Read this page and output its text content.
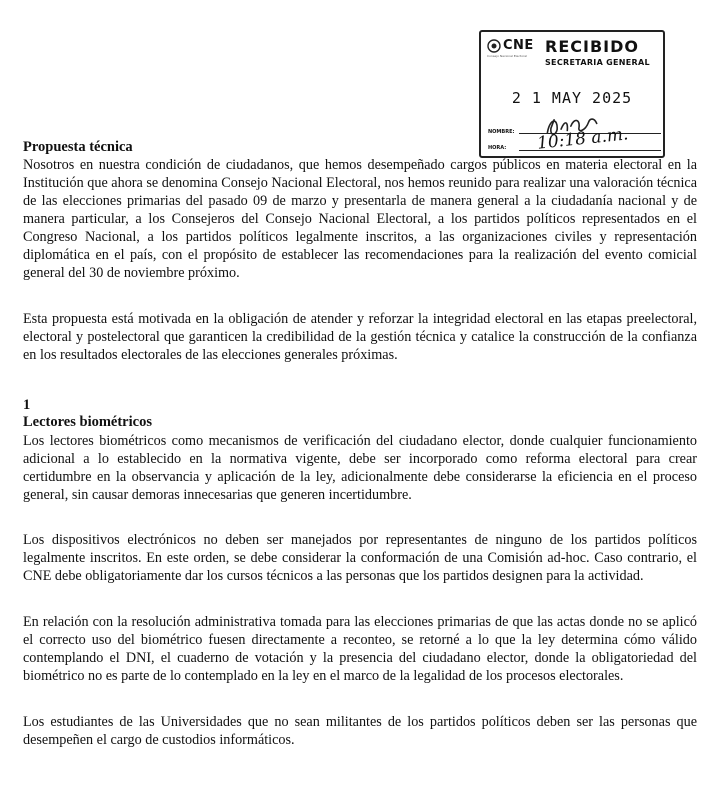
CNE
Consejo Nacional Electoral RECIBIDO
SECRETARIA GENERAL
2 1 MAY 2025
NOMBRE:
HORA: 10:18 a.m.
Propuesta técnica

Nosotros en nuestra condición de ciudadanos, que hemos desempeñado cargos públicos en materia electoral en la Institución que ahora se denomina Consejo Nacional Electoral, nos hemos reunido para realizar una valoración técnica de las elecciones primarias del pasado 09 de marzo y presentarla de manera general a la ciudadanía nacional y de manera particular, a los Consejeros del Consejo Nacional Electoral, a los partidos políticos representados en el Congreso Nacional, a los partidos políticos legalmente inscritos, a las organizaciones civiles y representación diplomática en el país, con el propósito de establecer las recomendaciones para la realización del evento comicial general del 30 de noviembre próximo.

Esta propuesta está motivada en la obligación de atender y reforzar la integridad electoral en las etapas preelectoral, electoral y postelectoral que garanticen la credibilidad de la gestión técnica y catalice la construcción de la confianza en los resultados electorales de las elecciones generales próximas.

1
Lectores biométricos

Los lectores biométricos como mecanismos de verificación del ciudadano elector, donde cualquier funcionamiento adicional a lo establecido en la normativa vigente, debe ser incorporado como reforma electoral para crear certidumbre en la observancia y aplicación de la ley, adicionalmente debe considerarse la eficiencia en el proceso general, sin causar demoras innecesarias que generen incertidumbre.

Los dispositivos electrónicos no deben ser manejados por representantes de ninguno de los partidos políticos legalmente inscritos. En este orden, se debe considerar la conformación de una Comisión ad-hoc. Caso contrario, el CNE debe obligatoriamente dar los cursos técnicos a las personas que los partidos designen para la actividad.

En relación con la resolución administrativa tomada para las elecciones primarias de que las actas donde no se aplicó el correcto uso del biométrico fuesen directamente a reconteo, se retorné a lo que la ley determina cómo válido contemplando el DNI, el cuaderno de votación y la presencia del ciudadano elector, donde la obligatoriedad del biométrico no es parte de lo contemplado en la ley en el marco de la legalidad de los procesos electorales.

Los estudiantes de las Universidades que no sean militantes de los partidos políticos deben ser las personas que desempeñen el cargo de custodios informáticos.
